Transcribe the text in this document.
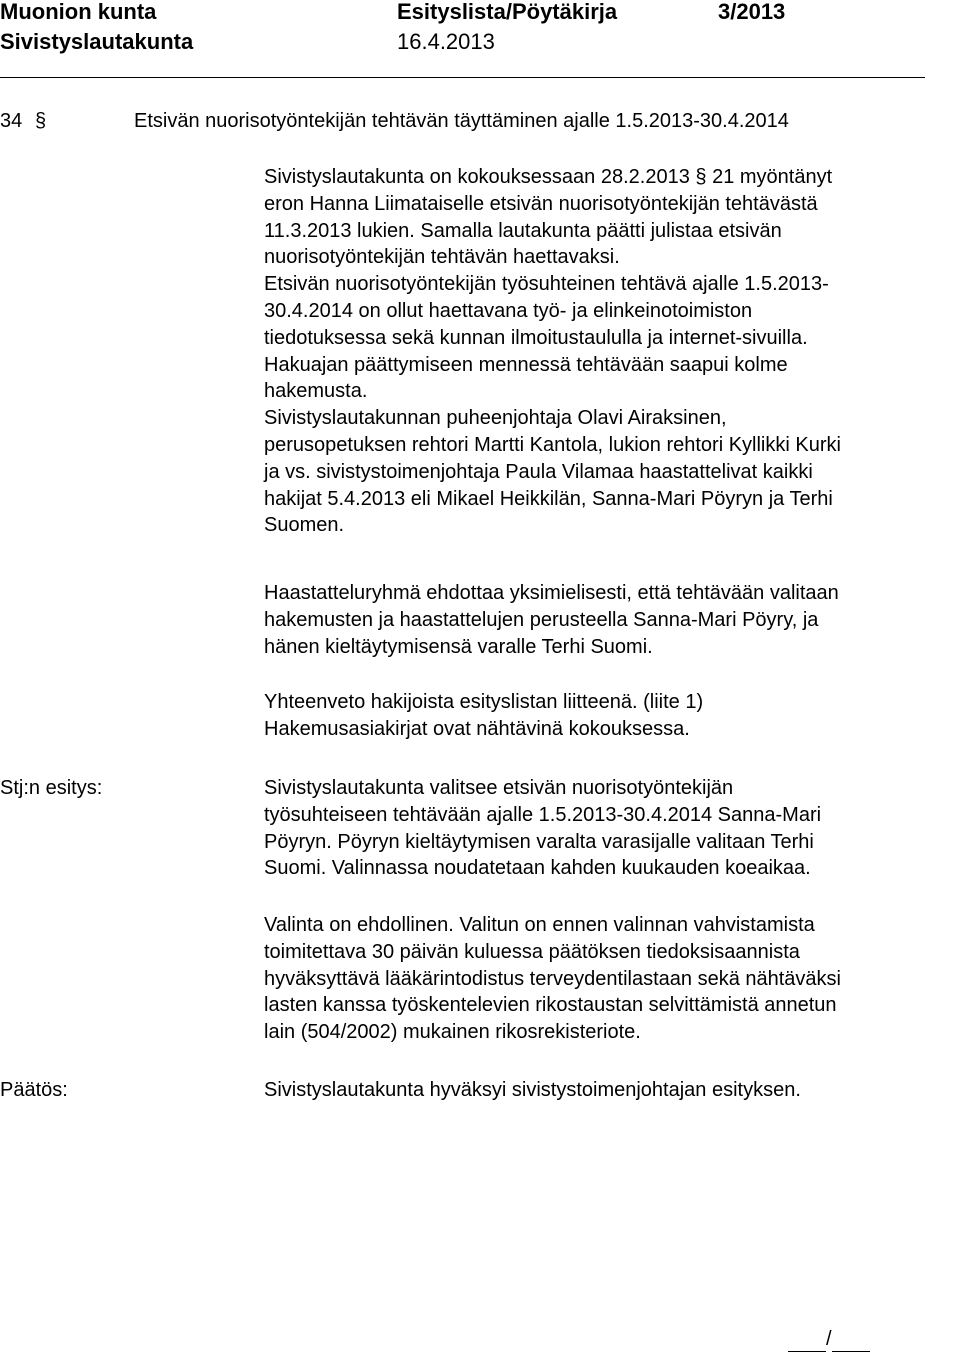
Muonion kunta	Esityslista/Pöytäkirja	3/2013
Sivistyslautakunta	16.4.2013
34 §	Etsivän nuorisotyöntekijän tehtävän täyttäminen ajalle 1.5.2013-30.4.2014

Sivistyslautakunta on kokouksessaan 28.2.2013 § 21 myöntänyt
eron Hanna Liimataiselle etsivän nuorisotyöntekijän tehtävästä
11.3.2013 lukien. Samalla lautakunta päätti julistaa etsivän
nuorisotyöntekijän tehtävän haettavaksi.
Etsivän nuorisotyöntekijän työsuhteinen tehtävä ajalle 1.5.2013-
30.4.2014 on ollut haettavana työ- ja elinkeinotoimiston
tiedotuksessa sekä kunnan ilmoitustaululla ja internet-sivuilla.
Hakuajan päättymiseen mennessä tehtävään saapui kolme
hakemusta.
Sivistyslautakunnan puheenjohtaja Olavi Airaksinen,
perusopetuksen rehtori Martti Kantola, lukion rehtori Kyllikki Kurki
ja vs. sivistystoimenjohtaja Paula Vilamaa haastattelivat kaikki
hakijat 5.4.2013 eli Mikael Heikkilän, Sanna-Mari Pöyryn ja Terhi
Suomen.

Haastatteluryhmä ehdottaa yksimielisesti, että tehtävään valitaan
hakemusten ja haastattelujen perusteella Sanna-Mari Pöyry, ja
hänen kieltäytymisensä varalle Terhi Suomi.

Yhteenveto hakijoista esityslistan liitteenä. (liite 1)
Hakemusasiakirjat ovat nähtävinä kokouksessa.

Stj:n esitys:	Sivistyslautakunta valitsee etsivän nuorisotyöntekijän
työsuhteiseen tehtävään ajalle 1.5.2013-30.4.2014 Sanna-Mari
Pöyryn. Pöyryn kieltäytymisen varalta varasijalle valitaan Terhi
Suomi. Valinnassa noudatetaan kahden kuukauden koeaikaa.

Valinta on ehdollinen. Valitun on ennen valinnan vahvistamista
toimitettava 30 päivän kuluessa päätöksen tiedoksisaannista
hyväksyttävä lääkärintodistus terveydentilastaan sekä nähtäväksi
lasten kanssa työskentelevien rikostaustan selvittämistä annetun
lain (504/2002) mukainen rikosrekisteriote.

Päätös:	Sivistyslautakunta hyväksyi sivistystoimenjohtajan esityksen.
/
